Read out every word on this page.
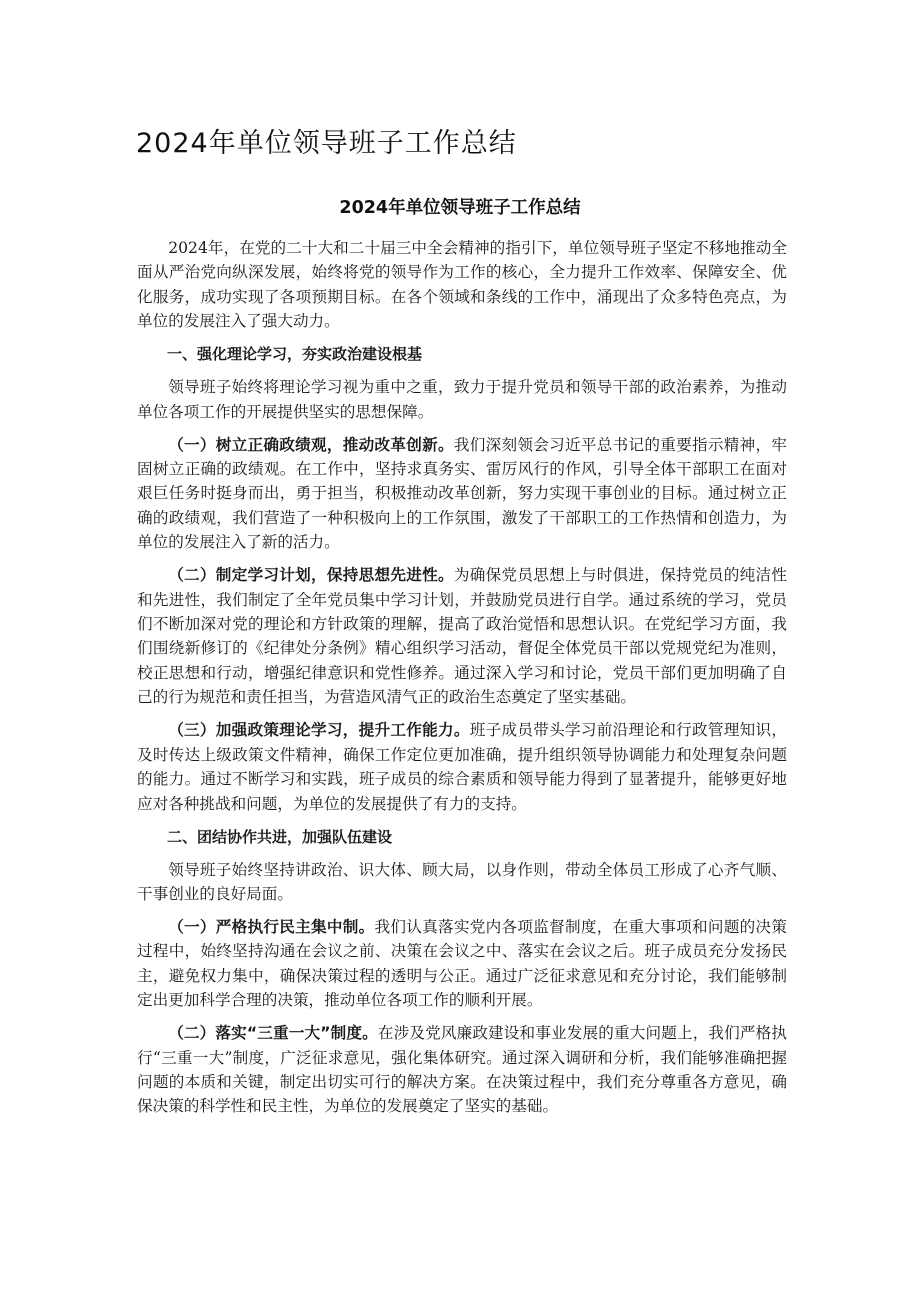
2024年单位领导班子工作总结
2024年单位领导班子工作总结

2024年，在党的二十大和二十届三中全会精神的指引下，单位领导班子坚定不移地推动全面从严治党向纵深发展，始终将党的领导作为工作的核心，全力提升工作效率、保障安全、优化服务，成功实现了各项预期目标。在各个领域和条线的工作中，涌现出了众多特色亮点，为单位的发展注入了强大动力。

一、强化理论学习，夯实政治建设根基

领导班子始终将理论学习视为重中之重，致力于提升党员和领导干部的政治素养，为推动单位各项工作的开展提供坚实的思想保障。

（一）树立正确政绩观，推动改革创新。我们深刻领会习近平总书记的重要指示精神，牢固树立正确的政绩观。在工作中，坚持求真务实、雷厉风行的作风，引导全体干部职工在面对艰巨任务时挺身而出，勇于担当，积极推动改革创新，努力实现干事创业的目标。通过树立正确的政绩观，我们营造了一种积极向上的工作氛围，激发了干部职工的工作热情和创造力，为单位的发展注入了新的活力。

（二）制定学习计划，保持思想先进性。为确保党员思想上与时俱进，保持党员的纯洁性和先进性，我们制定了全年党员集中学习计划，并鼓励党员进行自学。通过系统的学习，党员们不断加深对党的理论和方针政策的理解，提高了政治觉悟和思想认识。在党纪学习方面，我们围绕新修订的《纪律处分条例》精心组织学习活动，督促全体党员干部以党规党纪为准则，校正思想和行动，增强纪律意识和党性修养。通过深入学习和讨论，党员干部们更加明确了自己的行为规范和责任担当，为营造风清气正的政治生态奠定了坚实基础。

（三）加强政策理论学习，提升工作能力。班子成员带头学习前沿理论和行政管理知识，及时传达上级政策文件精神，确保工作定位更加准确，提升组织领导协调能力和处理复杂问题的能力。通过不断学习和实践，班子成员的综合素质和领导能力得到了显著提升，能够更好地应对各种挑战和问题，为单位的发展提供了有力的支持。

二、团结协作共进，加强队伍建设

领导班子始终坚持讲政治、识大体、顾大局，以身作则，带动全体员工形成了心齐气顺、干事创业的良好局面。

（一）严格执行民主集中制。我们认真落实党内各项监督制度，在重大事项和问题的决策过程中，始终坚持沟通在会议之前、决策在会议之中、落实在会议之后。班子成员充分发扬民主，避免权力集中，确保决策过程的透明与公正。通过广泛征求意见和充分讨论，我们能够制定出更加科学合理的决策，推动单位各项工作的顺利开展。

（二）落实“三重一大”制度。在涉及党风廉政建设和事业发展的重大问题上，我们严格执行“三重一大”制度，广泛征求意见，强化集体研究。通过深入调研和分析，我们能够准确把握问题的本质和关键，制定出切实可行的解决方案。在决策过程中，我们充分尊重各方意见，确保决策的科学性和民主性，为单位的发展奠定了坚实的基础。
